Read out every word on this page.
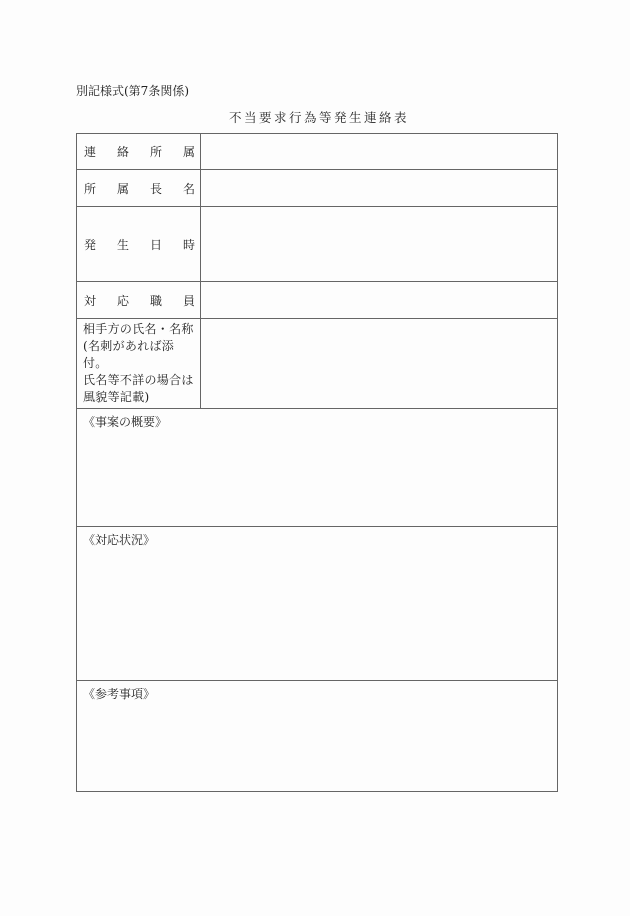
別記様式(第7条関係)
不当要求行為等発生連絡表
連 絡 所 属	

所 属 長 名	

発 生 日 時	

対 応 職 員	

相手方の氏名・名称
(名刺があれば添付。
氏名等不詳の場合は
風貌等記載)	

《事案の概要》	

《対応状況》	

《参考事項》	
